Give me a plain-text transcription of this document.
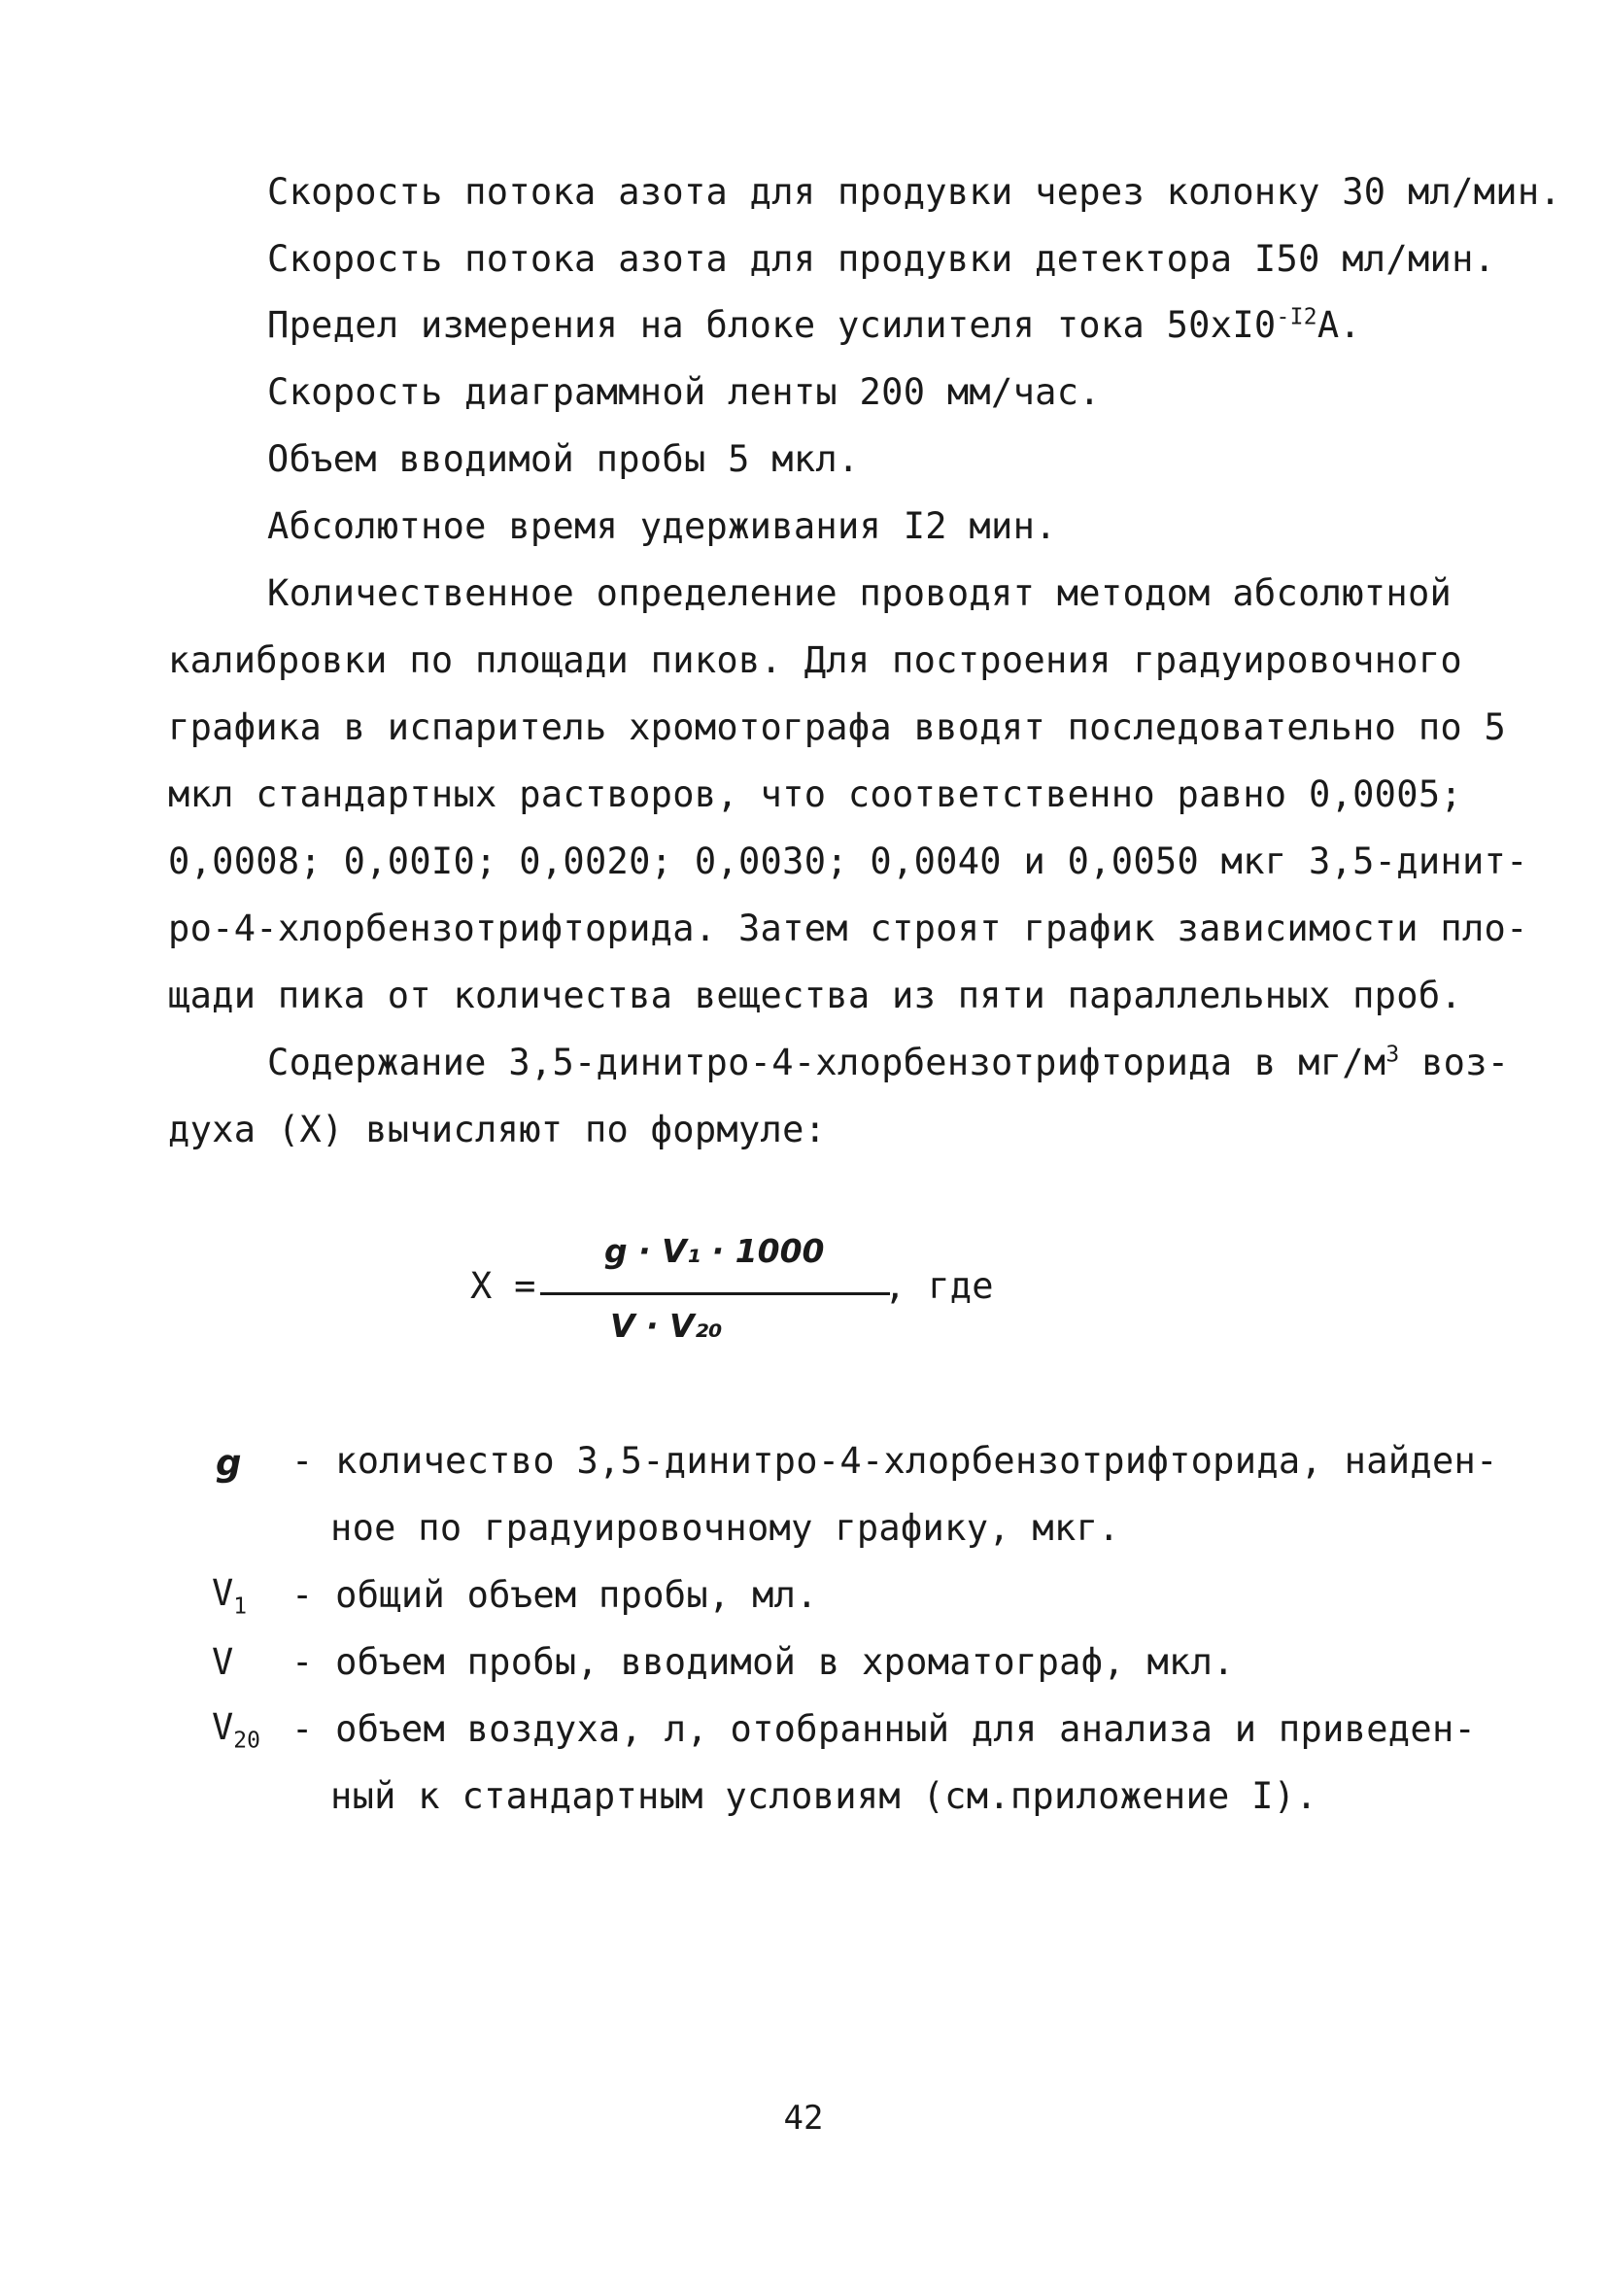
Скорость потока азота для продувки через колонку 30 мл/мин.
Скорость потока азота для продувки детектора I50 мл/мин.
Предел измерения на блоке усилителя тока $50хI0^{-I2}А$.
Скорость диаграммной ленты 200 мм/час.
Объем вводимой пробы 5 мкл.
Абсолютное время удерживания I2 мин.
Количественное определение проводят методом абсолютной
калибровки по площади пиков. Для построения градуировочного
графика в испаритель хромотографа вводят последовательно по 5
мкл стандартных растворов, что соответственно равно 0,0005;
0,0008; 0,00I0; 0,0020; 0,0030; 0,0040 и 0,0050 мкг 3,5-динит-
ро-4-хлорбензотрифторида. Затем строят график зависимости пло-
щади пика от количества вещества из пяти параллельных проб.
Содержание 3,5-динитро-4-хлорбензотрифторида в $мг/м^3$ воз-
духа (X) вычисляют по формуле:
X =
g · V₁ · 1000
V · V₂₀
, где
g - количество 3,5-динитро-4-хлорбензотрифторида, найден-
ное по градуировочному графику, мкг.
$V_1$ - общий объем пробы, мл.
V - объем пробы, вводимой в хроматограф, мкл.
$V_{20}$ - объем воздуха, л, отобранный для анализа и приведен-
ный к стандартным условиям (см.приложение I).
42
